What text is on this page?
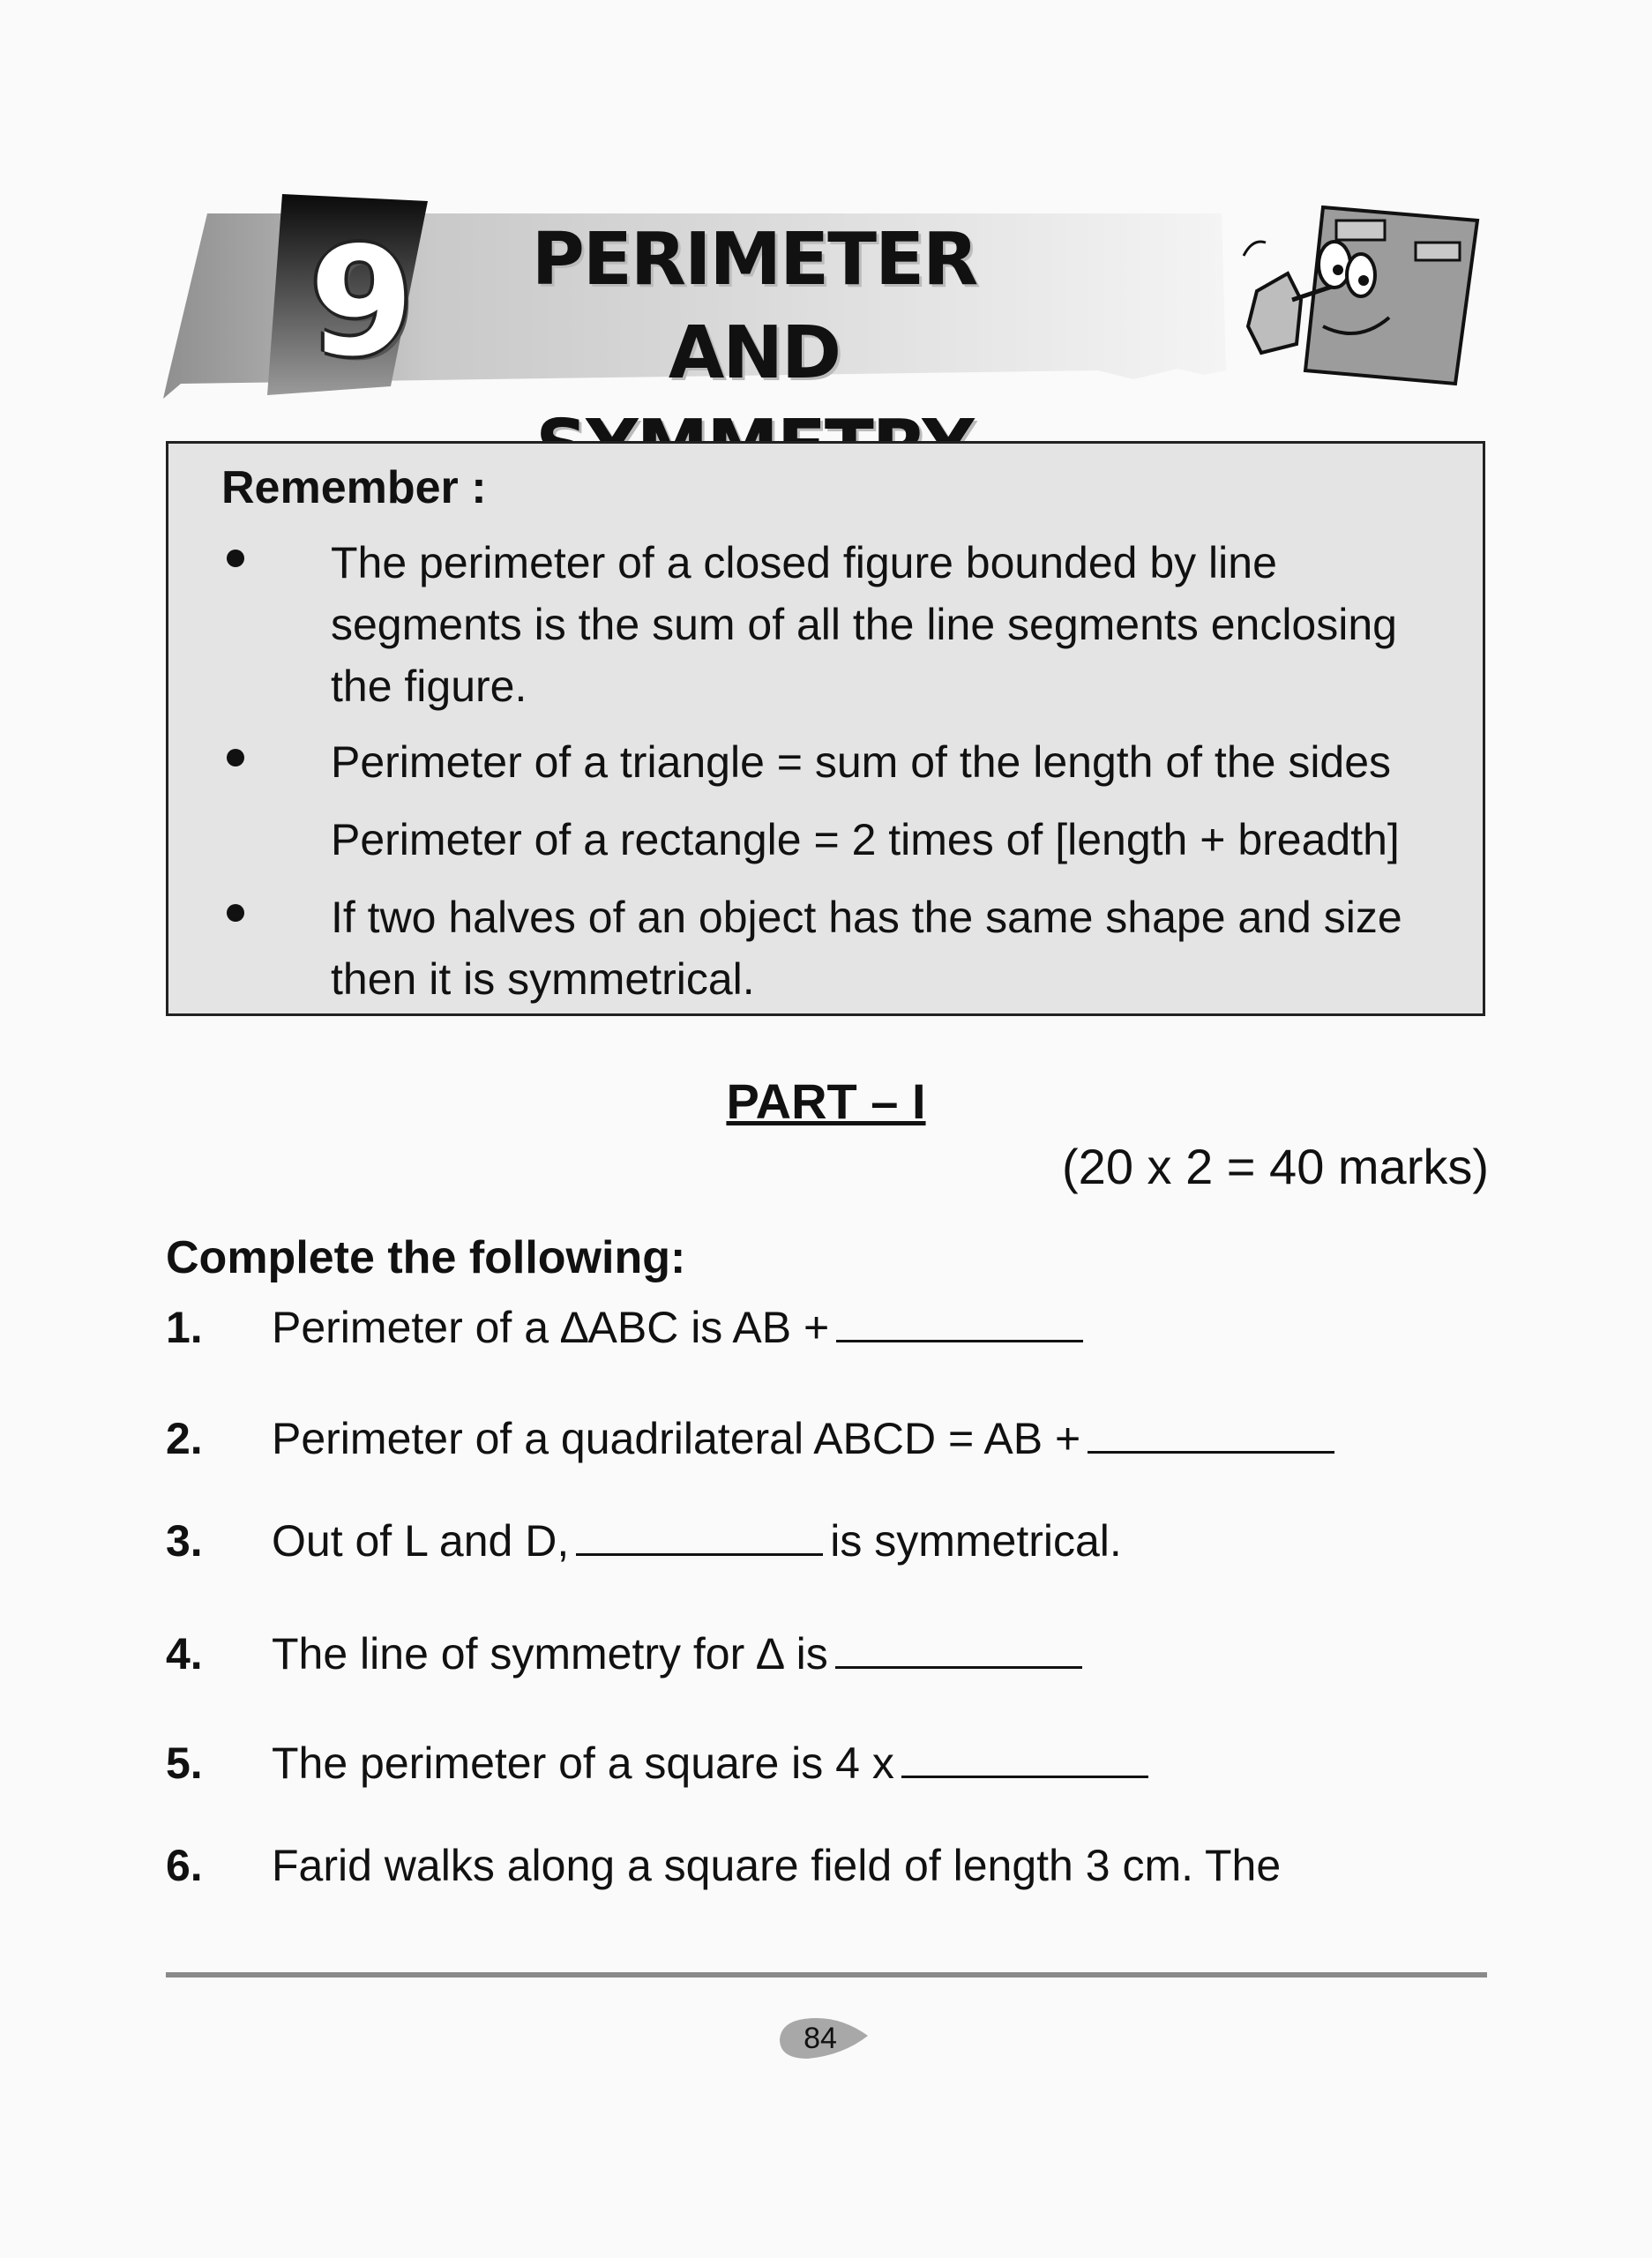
9	PERIMETER AND
Remember :
The perimeter of a closed figure bounded by line
segments is the sum of all the line segments enclosing
the figure.
Perimeter of a triangle = sum of the length of the sides
Perimeter of a rectangle = 2 times of [length + breadth]
If two halves of an object has the same shape and size
then it is symmetrical.
PART – I
(20 x 2 = 40 marks)
Complete the following:
1. Perimeter of a ∆ABC is AB +
2. Perimeter of a quadrilateral ABCD = AB +
3. Out of L and D,	is symmetrical.
4. The line of symmetry for ∆ is
5. The perimeter of a square is 4 x
6. Farid walks along a square field of length 3 cm. The
84
